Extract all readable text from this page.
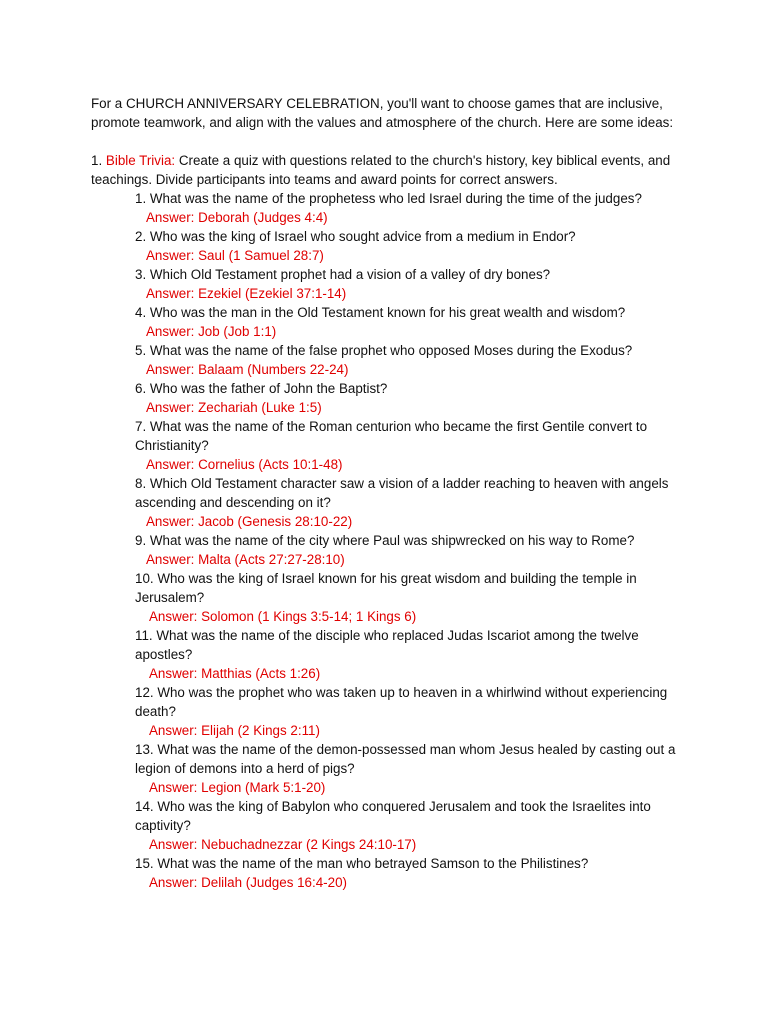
For a CHURCH ANNIVERSARY CELEBRATION, you'll want to choose games that are inclusive, promote teamwork, and align with the values and atmosphere of the church. Here are some ideas:

1. Bible Trivia: Create a quiz with questions related to the church's history, key biblical events, and teachings. Divide participants into teams and award points for correct answers.

1. What was the name of the prophetess who led Israel during the time of the judges?
Answer: Deborah (Judges 4:4)
2. Who was the king of Israel who sought advice from a medium in Endor?
Answer: Saul (1 Samuel 28:7)
3. Which Old Testament prophet had a vision of a valley of dry bones?
Answer: Ezekiel (Ezekiel 37:1-14)
4. Who was the man in the Old Testament known for his great wealth and wisdom?
Answer: Job (Job 1:1)
5. What was the name of the false prophet who opposed Moses during the Exodus?
Answer: Balaam (Numbers 22-24)
6. Who was the father of John the Baptist?
Answer: Zechariah (Luke 1:5)
7. What was the name of the Roman centurion who became the first Gentile convert to Christianity?
Answer: Cornelius (Acts 10:1-48)
8. Which Old Testament character saw a vision of a ladder reaching to heaven with angels ascending and descending on it?
Answer: Jacob (Genesis 28:10-22)
9. What was the name of the city where Paul was shipwrecked on his way to Rome?
Answer: Malta (Acts 27:27-28:10)
10. Who was the king of Israel known for his great wisdom and building the temple in Jerusalem?
Answer: Solomon (1 Kings 3:5-14; 1 Kings 6)
11. What was the name of the disciple who replaced Judas Iscariot among the twelve apostles?
Answer: Matthias (Acts 1:26)
12. Who was the prophet who was taken up to heaven in a whirlwind without experiencing death?
Answer: Elijah (2 Kings 2:11)
13. What was the name of the demon-possessed man whom Jesus healed by casting out a legion of demons into a herd of pigs?
Answer: Legion (Mark 5:1-20)
14. Who was the king of Babylon who conquered Jerusalem and took the Israelites into captivity?
Answer: Nebuchadnezzar (2 Kings 24:10-17)
15. What was the name of the man who betrayed Samson to the Philistines?
Answer: Delilah (Judges 16:4-20)
